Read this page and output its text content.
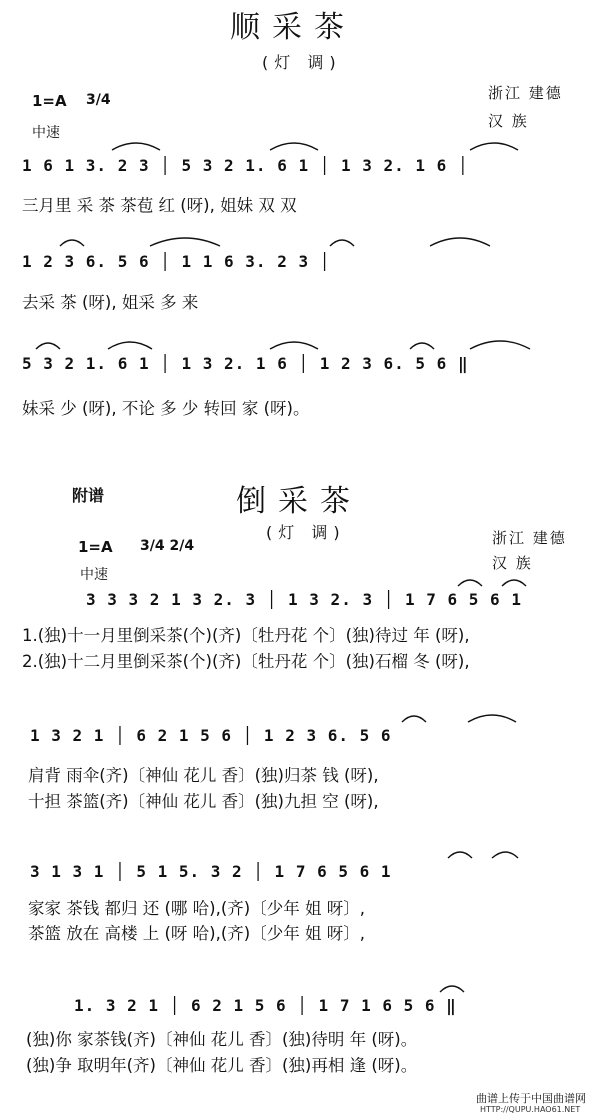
顺采茶
(灯 调)
1=A 3/4
中速
浙江 建德
汉 族
1 6 1 3. 2 3 │ 5 3 2 1. 6 1 │ 1 3 2. 1 6 │
三月里 采 茶 茶苞 红 (呀), 姐妹 双 双
1 2 3 6. 5 6 │ 1 1 6 3. 2 3 │
去采 茶 (呀), 姐采 多 来
5 3 2 1. 6 1 │ 1 3 2. 1 6 │ 1 2 3 6. 5 6 ‖
妹采 少 (呀), 不论 多 少 转回 家 (呀)。
附谱	倒采茶
(灯 调)
1=A 3/4 2/4
中速
浙江 建德
汉 族
3 3 3 2 1 3 2. 3 │ 1 3 2. 3 │ 1 7 6 5 6 1
1.(独)十一月里倒采茶(个)(齐)〔牡丹花 个〕(独)待过 年 (呀),
2.(独)十二月里倒采茶(个)(齐)〔牡丹花 个〕(独)石榴 冬 (呀),
1 3 2 1 │ 6 2 1 5 6 │ 1 2 3 6. 5 6
肩背 雨伞(齐)〔神仙 花儿 香〕(独)归茶 钱 (呀),
十担 茶篮(齐)〔神仙 花儿 香〕(独)九担 空 (呀),
3 1 3 1 │ 5 1 5. 3 2 │ 1 7 6 5 6 1
家家 茶钱 都归 还 (哪 哈),(齐)〔少年 姐 呀〕,
茶篮 放在 高楼 上 (呀 哈),(齐)〔少年 姐 呀〕,
1. 3 2 1 │ 6 2 1 5 6 │ 1 7 1 6 5 6 ‖
(独)你 家茶钱(齐)〔神仙 花儿 香〕(独)待明 年 (呀)。
(独)争 取明年(齐)〔神仙 花儿 香〕(独)再相 逢 (呀)。
曲谱上传于中国曲谱网
HTTP://QUPU.HAO61.NET
